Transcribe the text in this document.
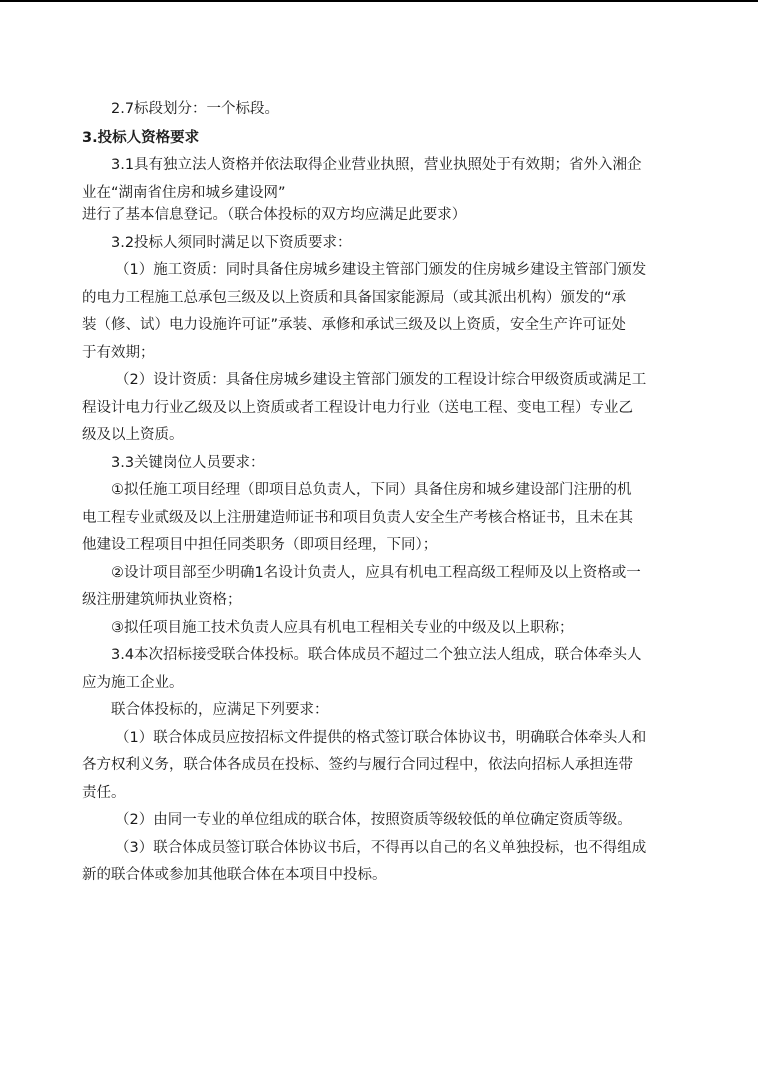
2.7标段划分：一个标段。
3.投标人资格要求
3.1具有独立法人资格并依法取得企业营业执照，营业执照处于有效期；省外入湘企
业在“湖南省住房和城乡建设网”
进行了基本信息登记。（联合体投标的双方均应满足此要求）
3.2投标人须同时满足以下资质要求：
（1）施工资质：同时具备住房城乡建设主管部门颁发的住房城乡建设主管部门颁发
的电力工程施工总承包三级及以上资质和具备国家能源局（或其派出机构）颁发的“承
装（修、试）电力设施许可证”承装、承修和承试三级及以上资质，安全生产许可证处
于有效期；
（2）设计资质：具备住房城乡建设主管部门颁发的工程设计综合甲级资质或满足工
程设计电力行业乙级及以上资质或者工程设计电力行业（送电工程、变电工程）专业乙
级及以上资质。
3.3关键岗位人员要求：
①拟任施工项目经理（即项目总负责人，下同）具备住房和城乡建设部门注册的机
电工程专业贰级及以上注册建造师证书和项目负责人安全生产考核合格证书，且未在其
他建设工程项目中担任同类职务（即项目经理，下同）；
②设计项目部至少明确1名设计负责人，应具有机电工程高级工程师及以上资格或一
级注册建筑师执业资格；
③拟任项目施工技术负责人应具有机电工程相关专业的中级及以上职称；
3.4本次招标接受联合体投标。联合体成员不超过二个独立法人组成，联合体牵头人
应为施工企业。
联合体投标的，应满足下列要求：
（1）联合体成员应按招标文件提供的格式签订联合体协议书，明确联合体牵头人和
各方权利义务，联合体各成员在投标、签约与履行合同过程中，依法向招标人承担连带
责任。
（2）由同一专业的单位组成的联合体，按照资质等级较低的单位确定资质等级。
（3）联合体成员签订联合体协议书后，不得再以自己的名义单独投标，也不得组成
新的联合体或参加其他联合体在本项目中投标。
